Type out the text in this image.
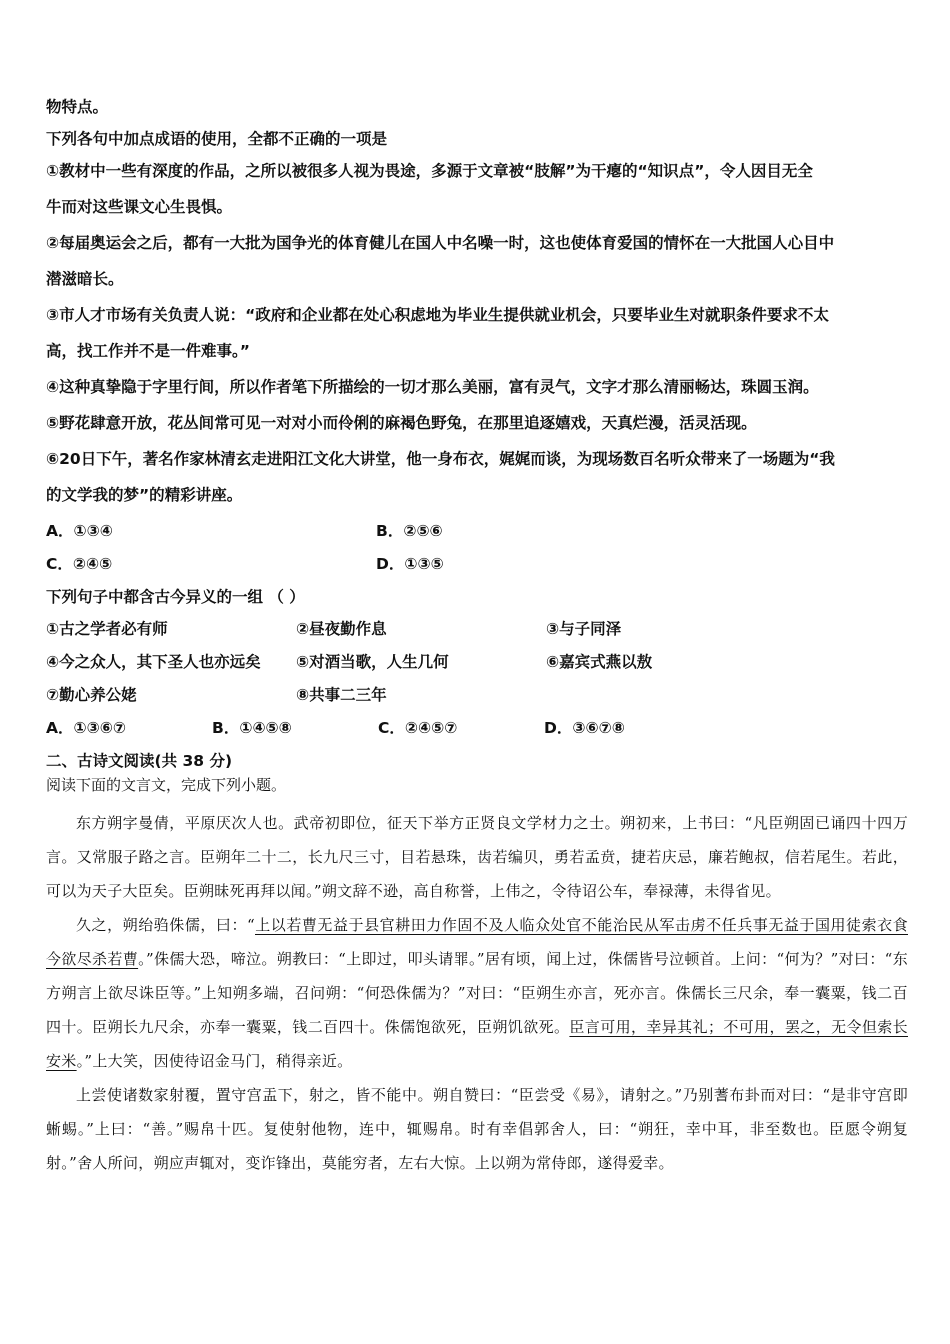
物特点。
下列各句中加点成语的使用，全都不正确的一项是
①教材中一些有深度的作品，之所以被很多人视为畏途，多源于文章被“肢解”为干瘪的“知识点”，令人因目无全
牛而对这些课文心生畏惧。
②每届奥运会之后，都有一大批为国争光的体育健儿在国人中名噪一时，这也使体育爱国的情怀在一大批国人心目中
潜滋暗长。
③市人才市场有关负责人说：“政府和企业都在处心积虑地为毕业生提供就业机会，只要毕业生对就职条件要求不太
高，找工作并不是一件难事。”
④这种真挚隐于字里行间，所以作者笔下所描绘的一切才那么美丽，富有灵气，文字才那么清丽畅达，珠圆玉润。
⑤野花肆意开放，花丛间常可见一对对小而伶俐的麻褐色野兔，在那里追逐嬉戏，天真烂漫，活灵活现。
⑥20日下午，著名作家林清玄走进阳江文化大讲堂，他一身布衣，娓娓而谈，为现场数百名听众带来了一场题为“我
的文学我的梦”的精彩讲座。
A．①③④	B．②⑤⑥
C．②④⑤	D．①③⑤
下列句子中都含古今异义的一组 （ ）
①古之学者必有师	②昼夜勤作息	③与子同泽
④今之众人，其下圣人也亦远矣	⑤对酒当歌，人生几何	⑥嘉宾式燕以敖
⑦勤心养公姥	⑧共事二三年
A．①③⑥⑦	B．①④⑤⑧	C．②④⑤⑦	D．③⑥⑦⑧
二、古诗文阅读(共 38 分)
阅读下面的文言文，完成下列小题。

东方朔字曼倩，平原厌次人也。武帝初即位，征天下举方正贤良文学材力之士。朔初来，上书曰：“凡臣朔固已诵四十四万言。又常服子路之言。臣朔年二十二，长九尺三寸，目若悬珠，齿若编贝，勇若孟贲，捷若庆忌，廉若鲍叔，信若尾生。若此，可以为天子大臣矣。臣朔昧死再拜以闻。”朔文辞不逊，高自称誉，上伟之，令待诏公车，奉禄薄，未得省见。

久之，朔绐驺侏儒，曰：“上以若曹无益于县官耕田力作固不及人临众处官不能治民从军击虏不任兵事无益于国用徒索衣食今欲尽杀若曹。”侏儒大恐，啼泣。朔教曰：“上即过，叩头请罪。”居有顷，闻上过，侏儒皆号泣顿首。上问：“何为？”对曰：“东方朔言上欲尽诛臣等。”上知朔多端，召问朔：“何恐侏儒为？”对曰：“臣朔生亦言，死亦言。侏儒长三尺余，奉一囊粟，钱二百四十。臣朔长九尺余，亦奉一囊粟，钱二百四十。侏儒饱欲死，臣朔饥欲死。臣言可用，幸异其礼；不可用，罢之，无令但索长安米。”上大笑，因使待诏金马门，稍得亲近。

上尝使诸数家射覆，置守宫盂下，射之，皆不能中。朔自赞曰：“臣尝受《易》，请射之。”乃别蓍布卦而对曰：“是非守宫即蜥蜴。”上曰：“善。”赐帛十匹。复使射他物，连中，辄赐帛。时有幸倡郭舍人，曰：“朔狂，幸中耳，非至数也。臣愿令朔复射。”舍人所问，朔应声辄对，变诈锋出，莫能穷者，左右大惊。上以朔为常侍郎，遂得爱幸。
